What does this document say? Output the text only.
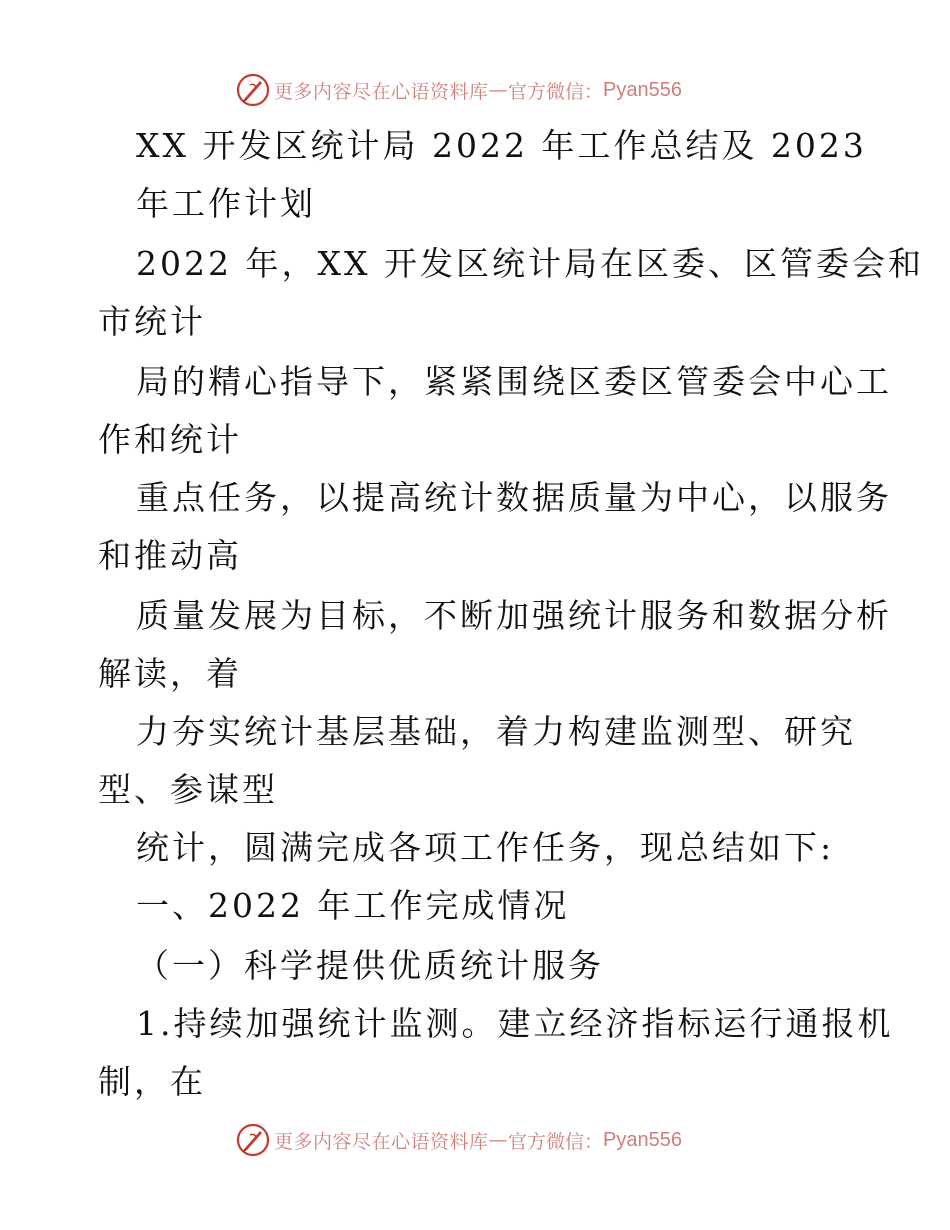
更多内容尽在心语资料库 — 官方微信： Pyan556
XX 开发区统计局 2022 年工作总结及 2023
年工作计划
2022 年，XX 开发区统计局在区委、区管委会和
市统计
局的精心指导下，紧紧围绕区委区管委会中心工
作和统计
重点任务，以提高统计数据质量为中心，以服务
和推动高
质量发展为目标，不断加强统计服务和数据分析
解读，着
力夯实统计基层基础，着力构建监测型、研究
型、参谋型
统计，圆满完成各项工作任务，现总结如下:
一、2022 年工作完成情况
（一）科学提供优质统计服务
1.持续加强统计监测。建立经济指标运行通报机
制，在
更多内容尽在心语资料库 — 官方微信： Pyan556
